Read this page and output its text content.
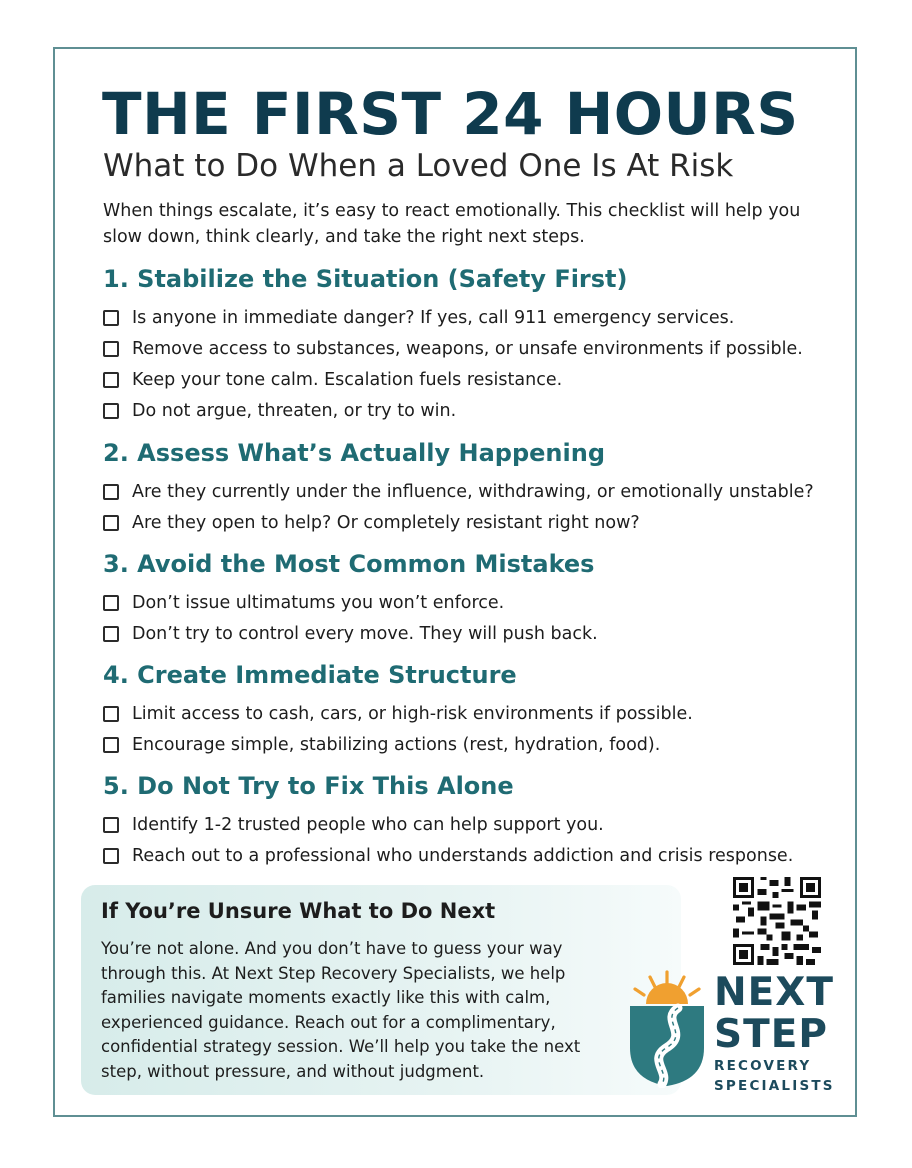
THE FIRST 24 HOURS
What to Do When a Loved One Is At Risk

When things escalate, it’s easy to react emotionally. This checklist will help you slow down, think clearly, and take the right next steps.

1. Stabilize the Situation (Safety First)
Is anyone in immediate danger? If yes, call 911 emergency services.
Remove access to substances, weapons, or unsafe environments if possible.
Keep your tone calm. Escalation fuels resistance.
Do not argue, threaten, or try to win.
2. Assess What’s Actually Happening
Are they currently under the influence, withdrawing, or emotionally unstable?
Are they open to help? Or completely resistant right now?
3. Avoid the Most Common Mistakes
Don’t issue ultimatums you won’t enforce.
Don’t try to control every move. They will push back.
4. Create Immediate Structure
Limit access to cash, cars, or high-risk environments if possible.
Encourage simple, stabilizing actions (rest, hydration, food).
5. Do Not Try to Fix This Alone
Identify 1-2 trusted people who can help support you.
Reach out to a professional who understands addiction and crisis response.
If You’re Unsure What to Do Next

You’re not alone. And you don’t have to guess your way through this. At Next Step Recovery Specialists, we help families navigate moments exactly like this with calm, experienced guidance. Reach out for a complimentary, confidential strategy session. We’ll help you take the next step, without pressure, and without judgment.

NEXT
STEP
RECOVERY
SPECIALISTS
